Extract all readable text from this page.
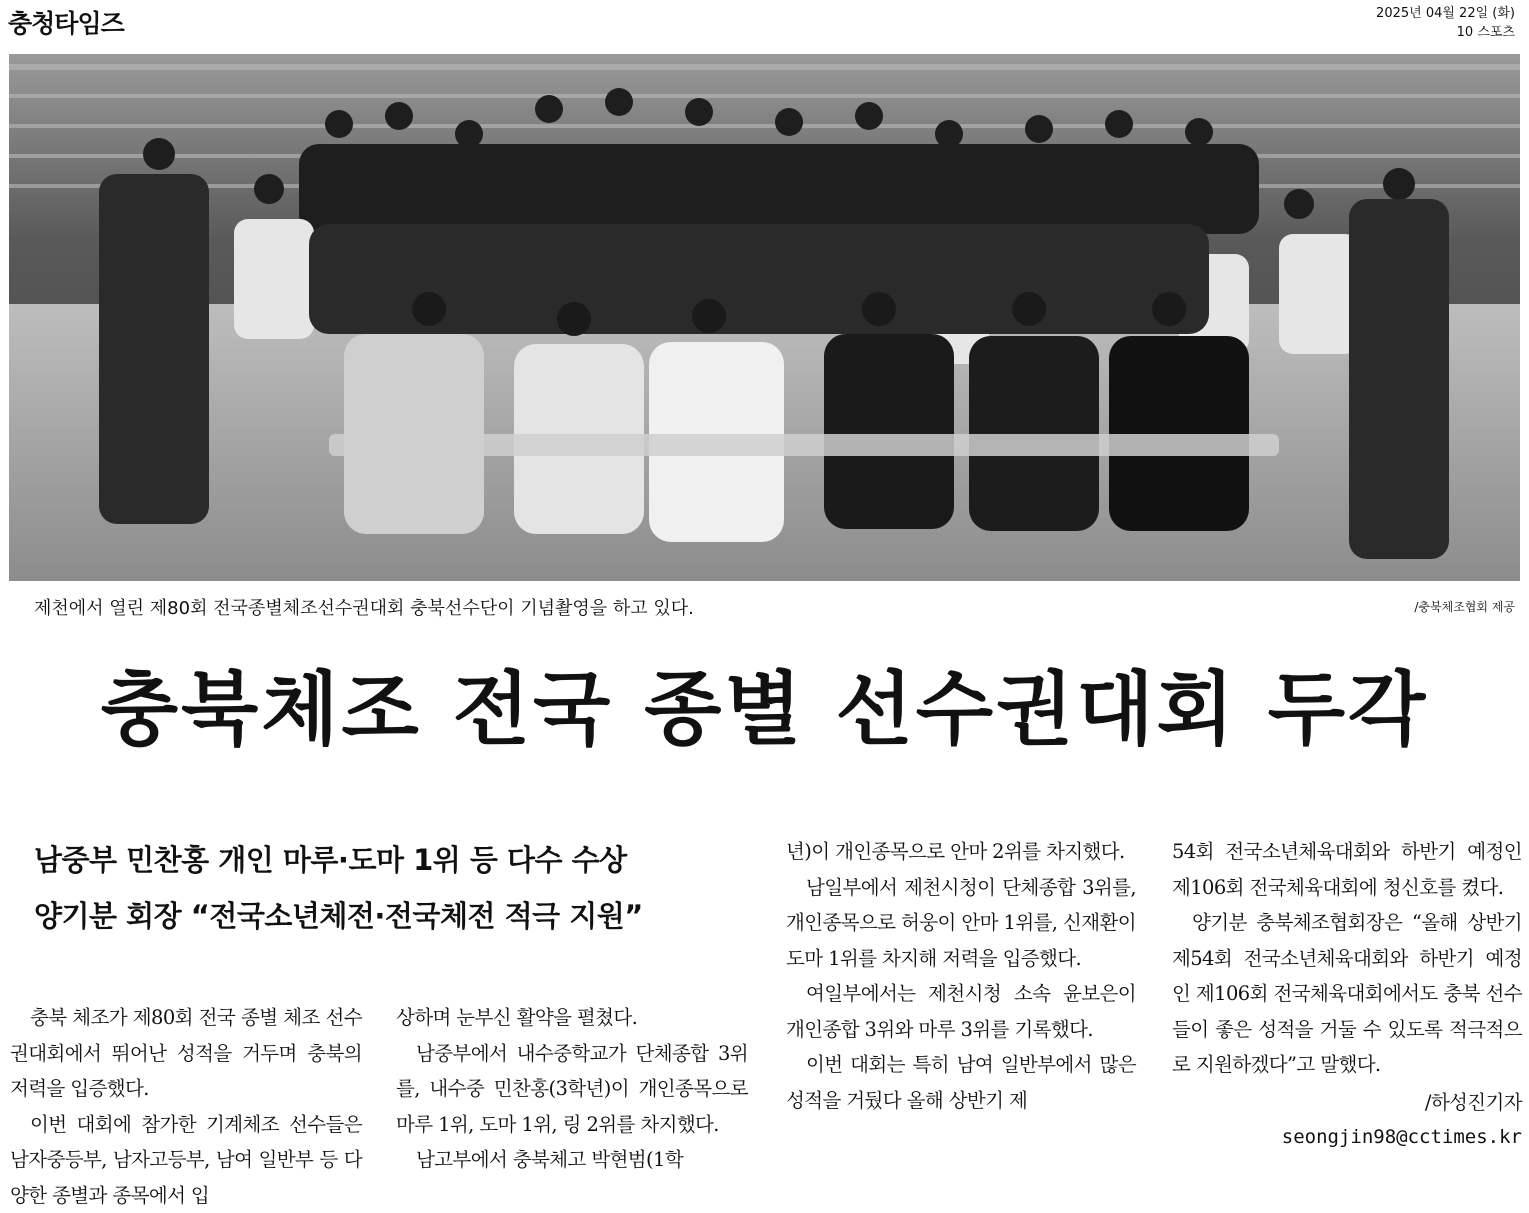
충청타임즈	2025년 04월 22일 (화)
10 스포츠
제천에서 열린 제80회 전국종별체조선수권대회 충북선수단이 기념촬영을 하고 있다.	/충북체조협회 제공
충북체조 전국 종별 선수권대회 두각
남중부 민찬홍 개인 마루·도마 1위 등 다수 수상
양기분 회장 “전국소년체전·전국체전 적극 지원”

충북 체조가 제80회 전국 종별 체조 선수권대회에서 뛰어난 성적을 거두며 충북의 저력을 입증했다.

이번 대회에 참가한 기계체조 선수들은 남자중등부, 남자고등부, 남여 일반부 등 다양한 종별과 종목에서 입

상하며 눈부신 활약을 펼쳤다.

남중부에서 내수중학교가 단체종합 3위를, 내수중 민찬홍(3학년)이 개인종목으로 마루 1위, 도마 1위, 링 2위를 차지했다.

남고부에서 충북체고 박현범(1학

년)이 개인종목으로 안마 2위를 차지했다.

남일부에서 제천시청이 단체종합 3위를, 개인종목으로 허웅이 안마 1위를, 신재환이 도마 1위를 차지해 저력을 입증했다.

여일부에서는 제천시청 소속 윤보은이 개인종합 3위와 마루 3위를 기록했다.

이번 대회는 특히 남여 일반부에서 많은 성적을 거뒀다 올해 상반기 제

54회 전국소년체육대회와 하반기 예정인 제106회 전국체육대회에 청신호를 켰다.

양기분 충북체조협회장은 “올해 상반기 제54회 전국소년체육대회와 하반기 예정인 제106회 전국체육대회에서도 충북 선수들이 좋은 성적을 거둘 수 있도록 적극적으로 지원하겠다”고 말했다.

/하성진기자
seongjin98@cctimes.kr
